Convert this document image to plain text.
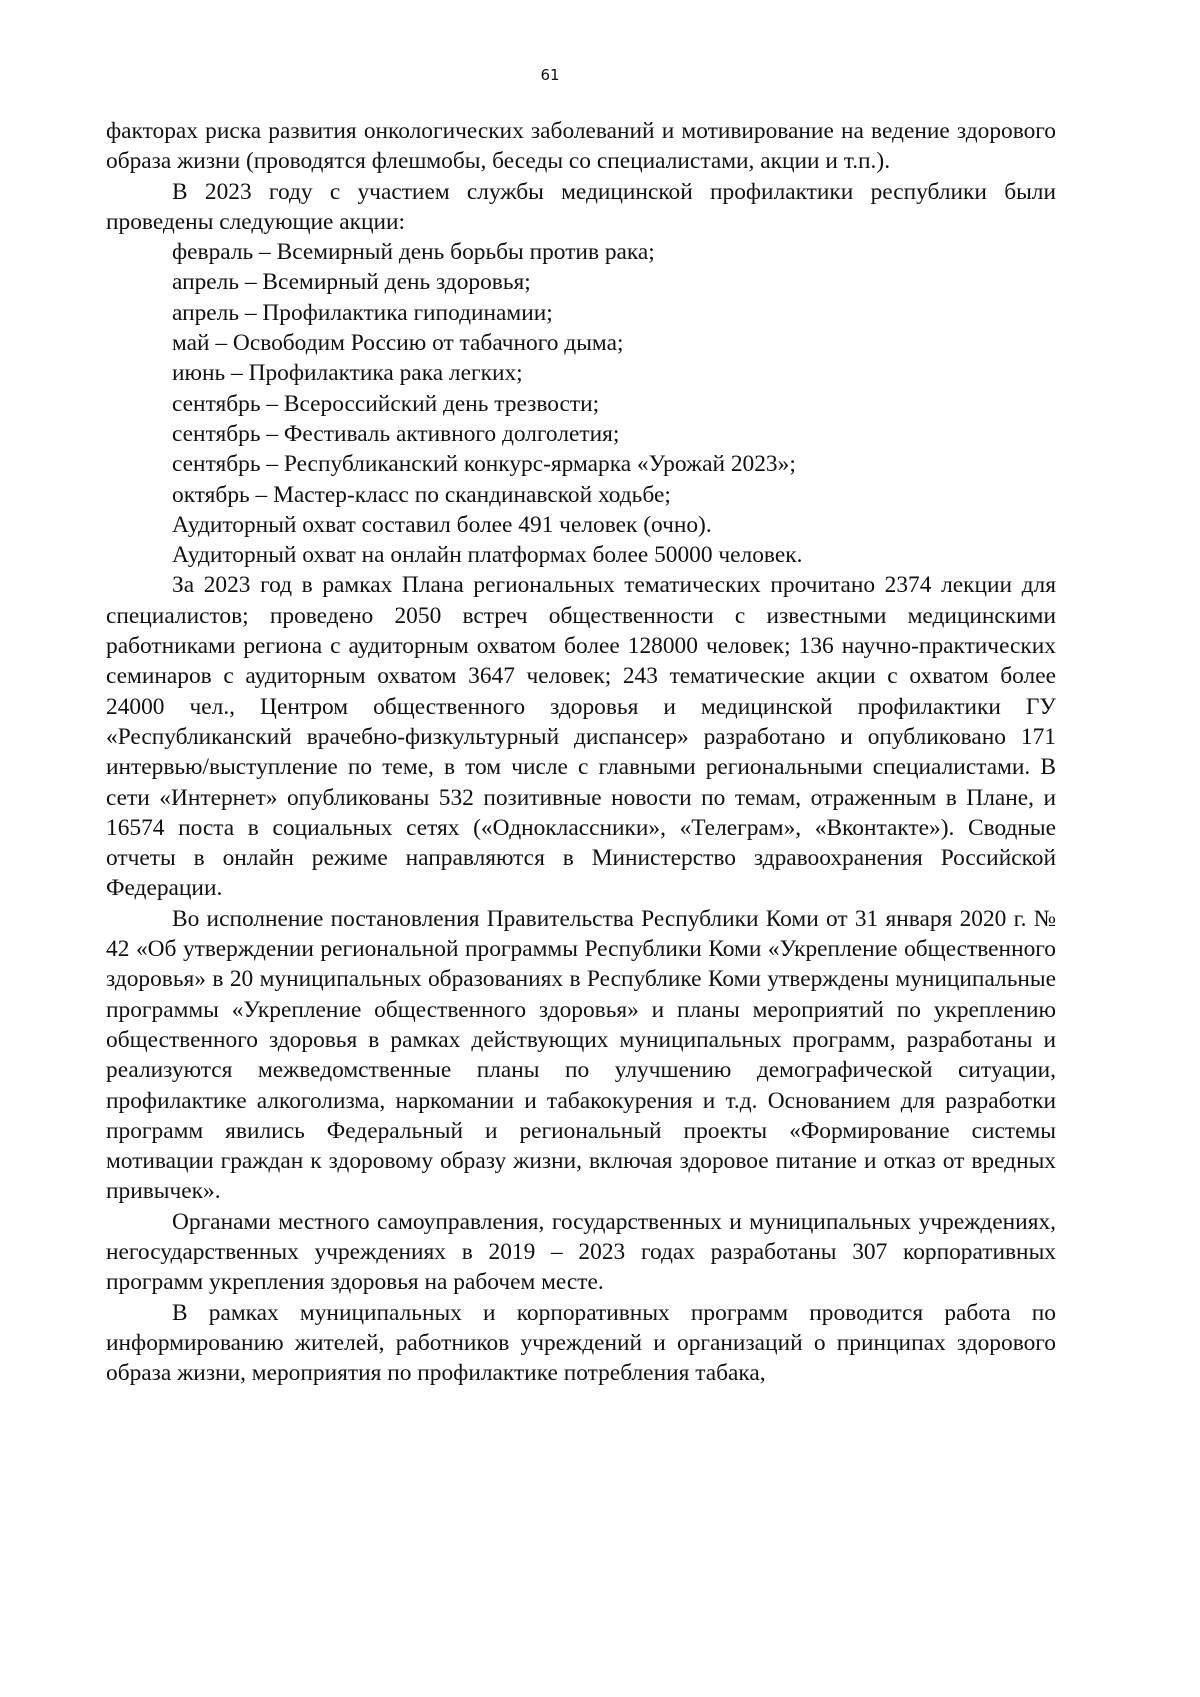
61

факторах риска развития онкологических заболеваний и мотивирование на ведение здорового образа жизни (проводятся флешмобы, беседы со специалистами, акции и т.п.).

В 2023 году с участием службы медицинской профилактики республики были проведены следующие акции:

февраль – Всемирный день борьбы против рака;

апрель – Всемирный день здоровья;

апрель – Профилактика гиподинамии;

май – Освободим Россию от табачного дыма;

июнь – Профилактика рака легких;

сентябрь – Всероссийский день трезвости;

сентябрь – Фестиваль активного долголетия;

сентябрь – Республиканский конкурс-ярмарка «Урожай 2023»;

октябрь – Мастер-класс по скандинавской ходьбе;

Аудиторный охват составил более 491 человек (очно).

Аудиторный охват на онлайн платформах более 50000 человек.

За 2023 год в рамках Плана региональных тематических прочитано 2374 лекции для специалистов; проведено 2050 встреч общественности с известными медицинскими работниками региона с аудиторным охватом более 128000 человек; 136 научно-практических семинаров с аудиторным охватом 3647 человек; 243 тематические акции с охватом более 24000 чел., Центром общественного здоровья и медицинской профилактики ГУ «Республиканский врачебно-физкультурный диспансер» разработано и опубликовано 171 интервью/выступление по теме, в том числе с главными региональными специалистами. В сети «Интернет» опубликованы 532 позитивные новости по темам, отраженным в Плане, и 16574 поста в социальных сетях («Одноклассники», «Телеграм», «Вконтакте»). Сводные отчеты в онлайн режиме направляются в Министерство здравоохранения Российской Федерации.

Во исполнение постановления Правительства Республики Коми от 31 января 2020 г. № 42 «Об утверждении региональной программы Республики Коми «Укрепление общественного здоровья» в 20 муниципальных образованиях в Республике Коми утверждены муниципальные программы «Укрепление общественного здоровья» и планы мероприятий по укреплению общественного здоровья в рамках действующих муниципальных программ, разработаны и реализуются межведомственные планы по улучшению демографической ситуации, профилактике алкоголизма, наркомании и табакокурения и т.д. Основанием для разработки программ явились Федеральный и региональный проекты «Формирование системы мотивации граждан к здоровому образу жизни, включая здоровое питание и отказ от вредных привычек».

Органами местного самоуправления, государственных и муниципальных учреждениях, негосударственных учреждениях в 2019 – 2023 годах разработаны 307 корпоративных программ укрепления здоровья на рабочем месте.

В рамках муниципальных и корпоративных программ проводится работа по информированию жителей, работников учреждений и организаций о принципах здорового образа жизни, мероприятия по профилактике потребления табака,
